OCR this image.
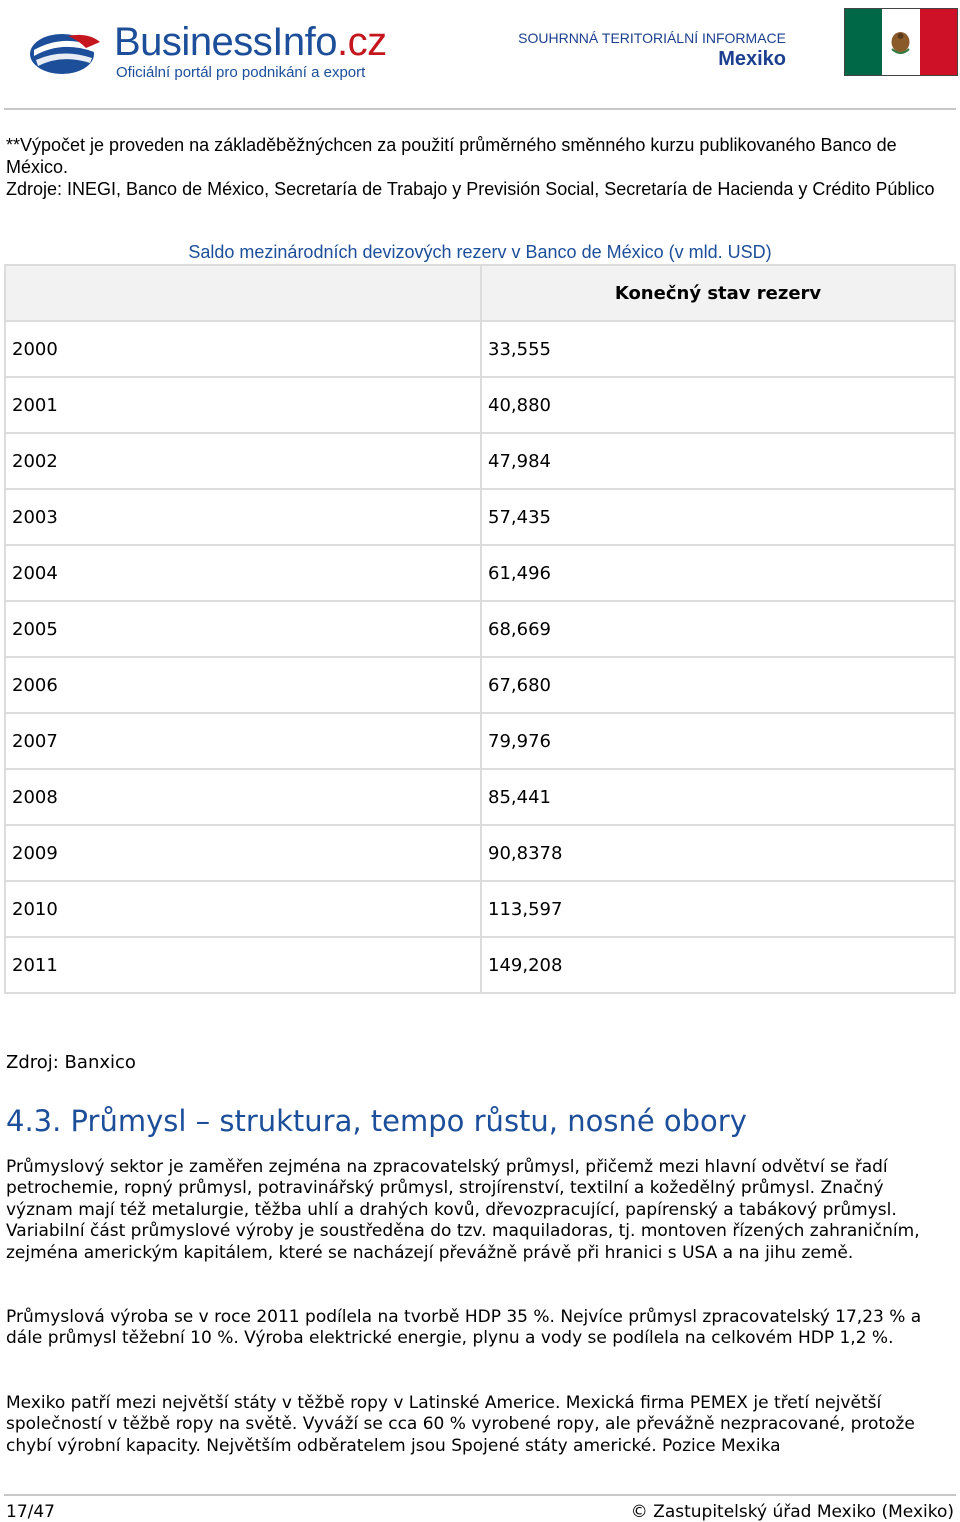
BusinessInfo.cz
Oficiální portál pro podnikání a export
SOUHRNNÁ TERITORIÁLNÍ INFORMACE
Mexiko
**Výpočet je proveden na základěběžnýchcen za použití průměrného směnného kurzu publikovaného Banco de México.
Zdroje: INEGI, Banco de México, Secretaría de Trabajo y Previsión Social, Secretaría de Hacienda y Crédito Público
Saldo mezinárodních devizových rezerv v Banco de México (v mld. USD)
	Konečný stav rezerv
2000	33,555
2001	40,880
2002	47,984
2003	57,435
2004	61,496
2005	68,669
2006	67,680
2007	79,976
2008	85,441
2009	90,8378
2010	113,597
2011	149,208
Zdroj: Banxico
4.3. Průmysl – struktura, tempo růstu, nosné obory
Průmyslový sektor je zaměřen zejména na zpracovatelský průmysl, přičemž mezi hlavní odvětví se řadí petrochemie, ropný průmysl, potravinářský průmysl, strojírenství, textilní a kožedělný průmysl. Značný význam mají též metalurgie, těžba uhlí a drahých kovů, dřevozpracující, papírenský a tabákový průmysl. Variabilní část průmyslové výroby je soustředěna do tzv. maquiladoras, tj. montoven řízených zahraničním, zejména americkým kapitálem, které se nacházejí převážně právě při hranici s USA a na jihu země.
Průmyslová výroba se v roce 2011 podílela na tvorbě HDP 35 %. Nejvíce průmysl zpracovatelský 17,23 % a dále průmysl těžební 10 %. Výroba elektrické energie, plynu a vody se podílela na celkovém HDP 1,2 %.
Mexiko patří mezi největší státy v těžbě ropy v Latinské Americe. Mexická firma PEMEX je třetí největší společností v těžbě ropy na světě. Vyváží se cca 60 % vyrobené ropy, ale převážně nezpracované, protože chybí výrobní kapacity. Největším odběratelem jsou Spojené státy americké. Pozice Mexika
17/47	© Zastupitelský úřad Mexiko (Mexiko)
